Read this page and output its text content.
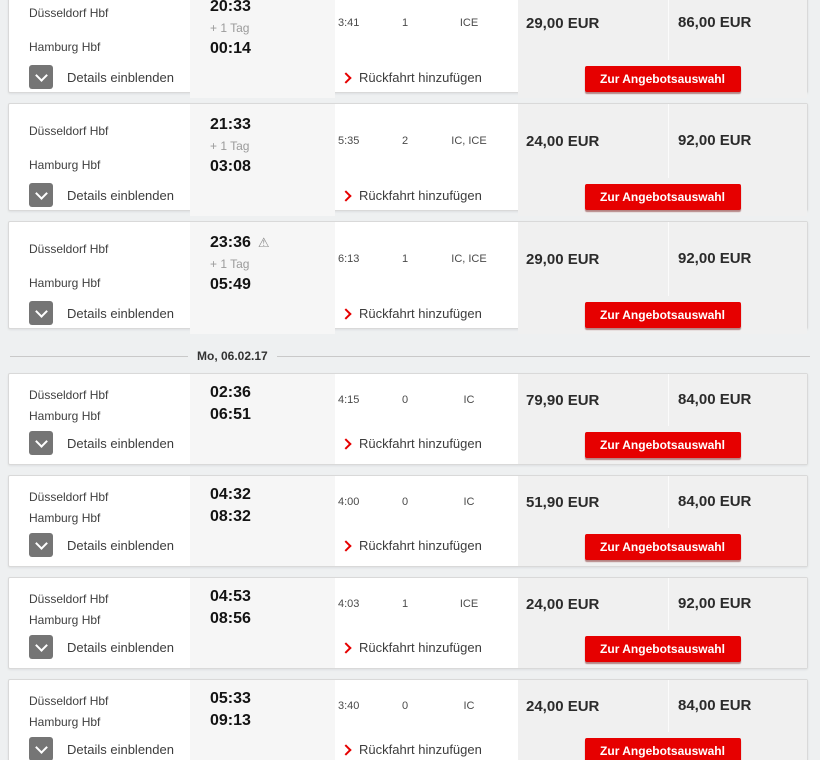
Düsseldorf Hbf
Hamburg Hbf
20:33
+ 1 Tag
00:14
3:41	1	ICE	29,00 EUR	86,00 EUR
Details einblenden	Rückfahrt hinzufügen	Zur Angebotsauswahl
Düsseldorf Hbf
Hamburg Hbf
21:33
+ 1 Tag
03:08
5:35	2	IC, ICE	24,00 EUR	92,00 EUR
Details einblenden	Rückfahrt hinzufügen	Zur Angebotsauswahl
Düsseldorf Hbf
Hamburg Hbf
23:36 ⚠
+ 1 Tag
05:49
6:13	1	IC, ICE	29,00 EUR	92,00 EUR
Details einblenden	Rückfahrt hinzufügen	Zur Angebotsauswahl
Mo, 06.02.17
Düsseldorf Hbf
Hamburg Hbf
02:36
06:51
4:15	0	IC	79,90 EUR	84,00 EUR
Details einblenden	Rückfahrt hinzufügen	Zur Angebotsauswahl
Düsseldorf Hbf
Hamburg Hbf
04:32
08:32
4:00	0	IC	51,90 EUR	84,00 EUR
Details einblenden	Rückfahrt hinzufügen	Zur Angebotsauswahl
Düsseldorf Hbf
Hamburg Hbf
04:53
08:56
4:03	1	ICE	24,00 EUR	92,00 EUR
Details einblenden	Rückfahrt hinzufügen	Zur Angebotsauswahl
Düsseldorf Hbf
Hamburg Hbf
05:33
09:13
3:40	0	IC	24,00 EUR	84,00 EUR
Details einblenden	Rückfahrt hinzufügen	Zur Angebotsauswahl
